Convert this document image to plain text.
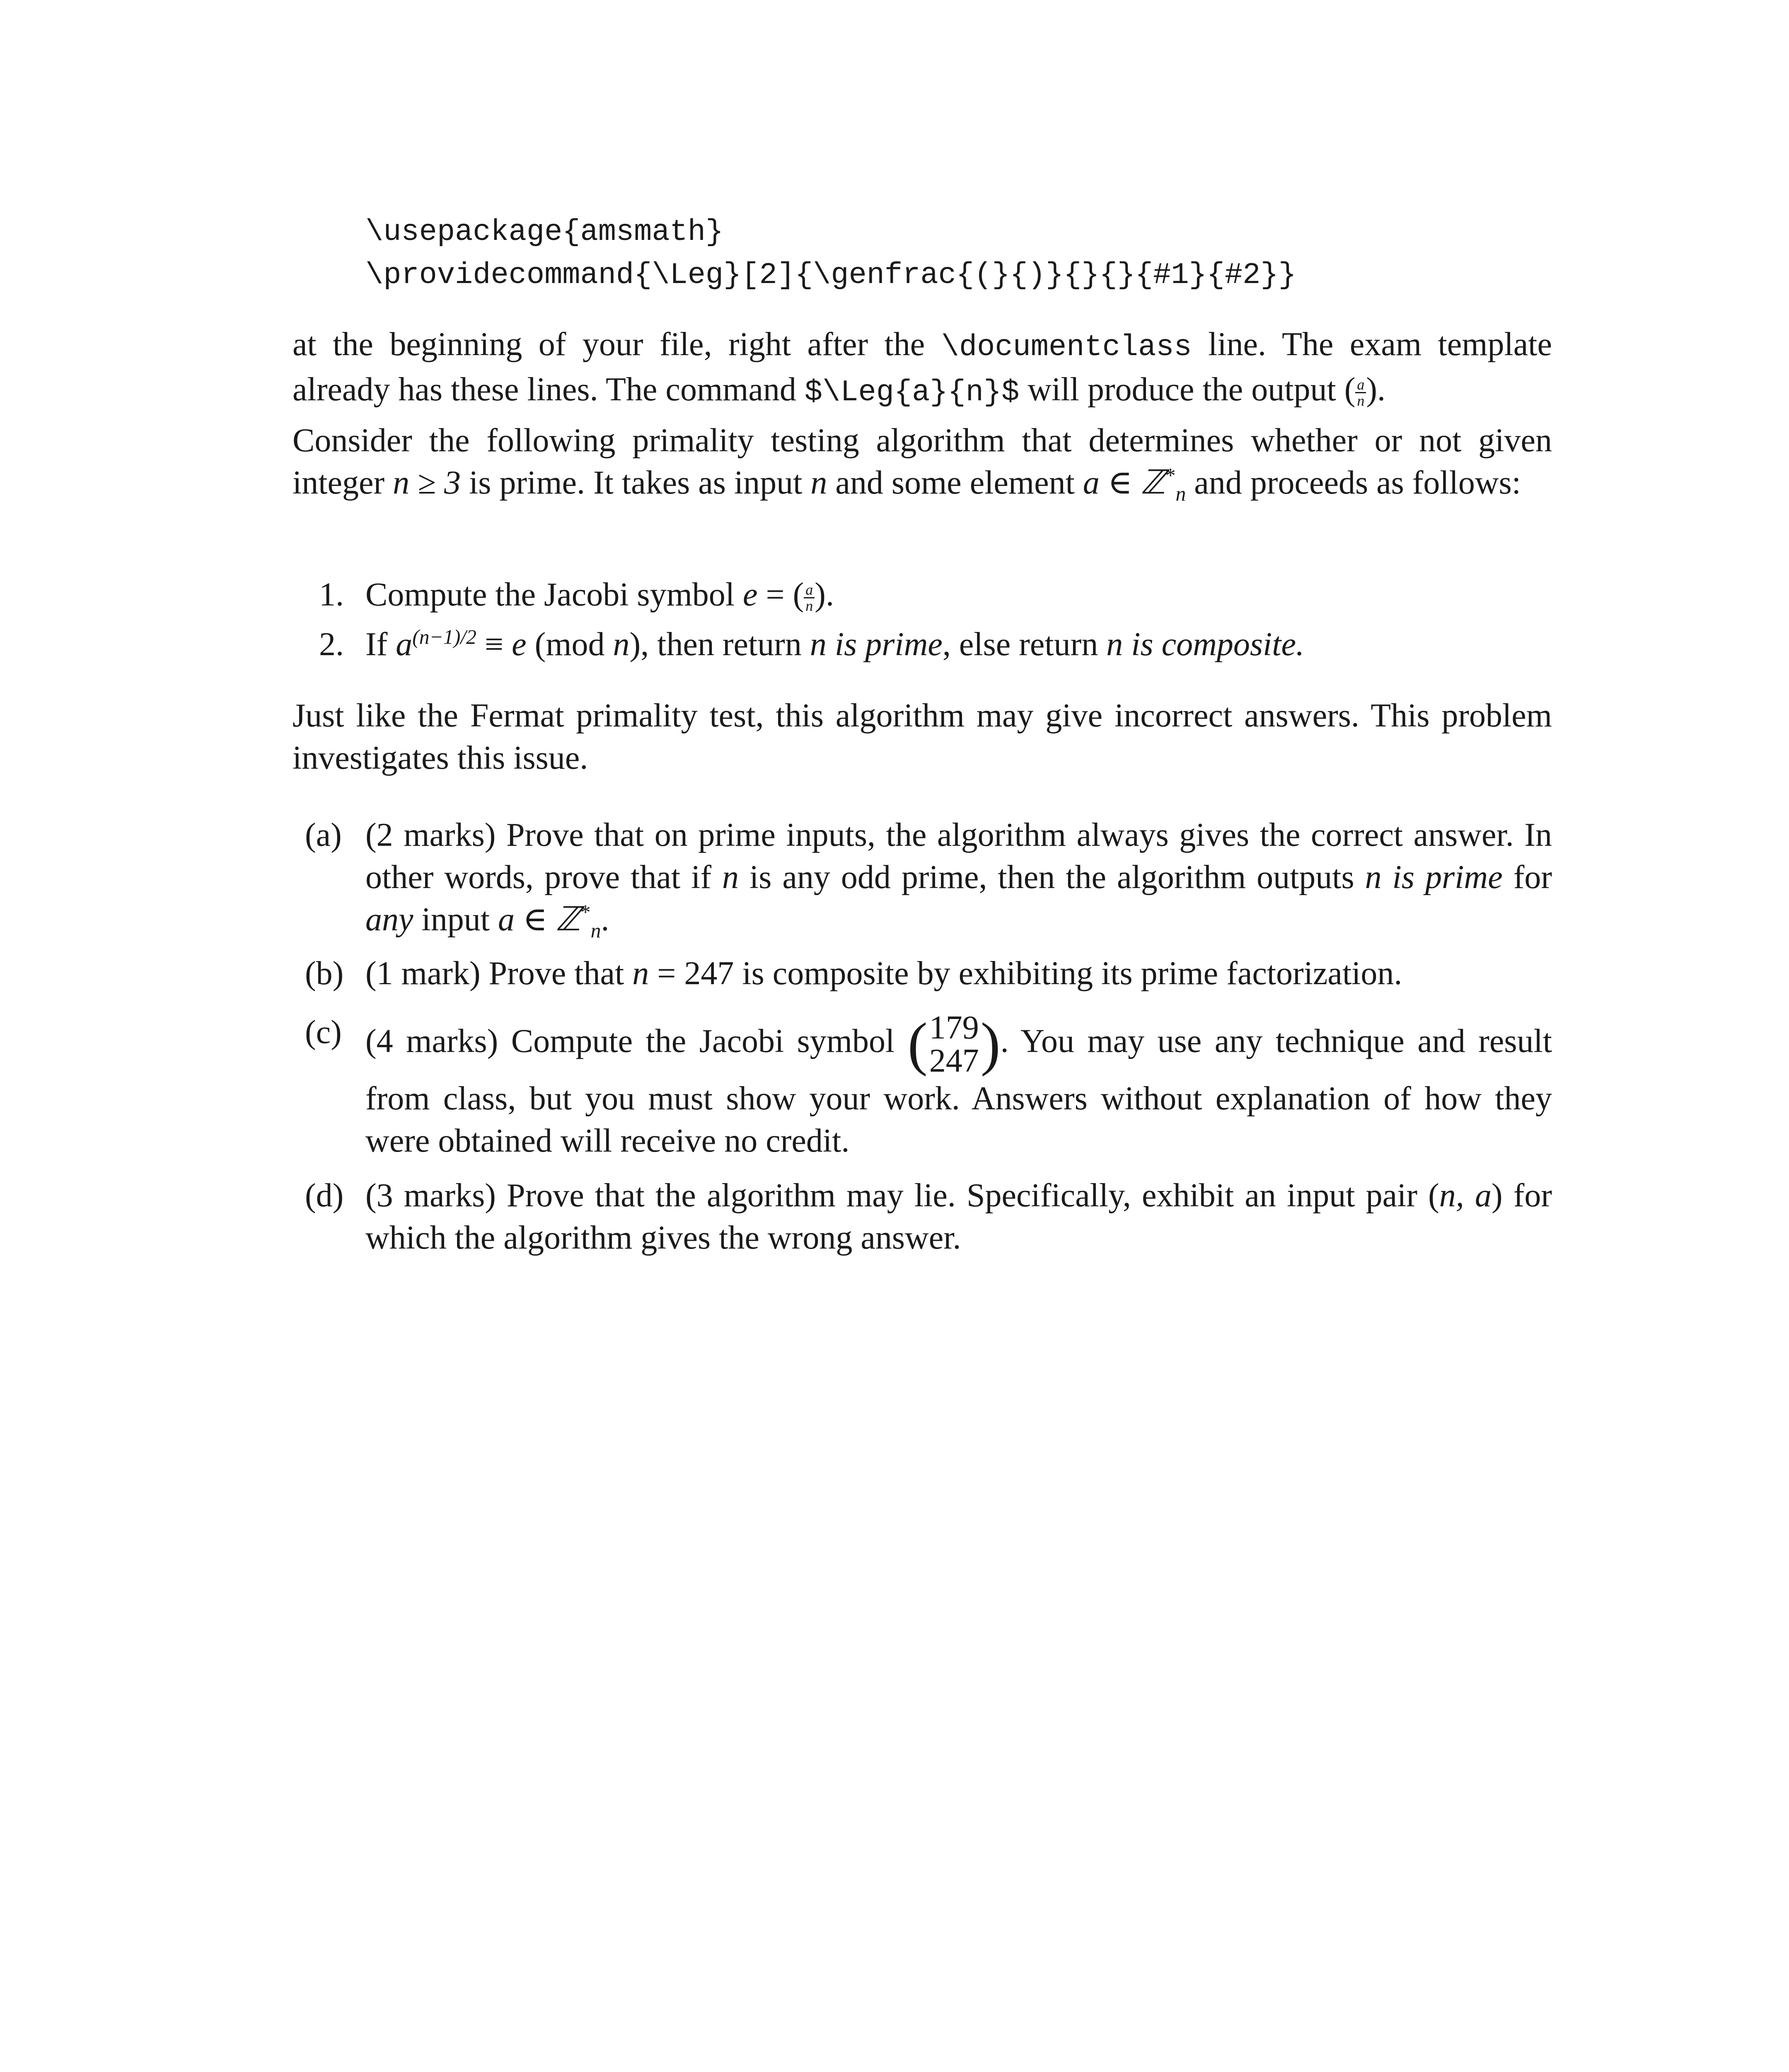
\usepackage{amsmath}
\providecommand{\Leg}[2]{\genfrac{(}{)}{}{}{#1}{#2}}
at the beginning of your file, right after the \documentclass line. The exam template already has these lines. The command $\Leg{a}{n}$ will produce the output ( $\frac{a}{n}$ ).
Consider the following primality testing algorithm that determines whether or not given integer n ≥ 3 is prime. It takes as input n and some element a ∈ ℤ*$_n$ and proceeds as follows:
1. Compute the Jacobi symbol e = ( $\frac{a}{n}$ ).
2. If $a^{(n-1)/2} \equiv e$ (mod n), then return n is prime, else return n is composite.
Just like the Fermat primality test, this algorithm may give incorrect answers. This problem investigates this issue.
(a) (2 marks) Prove that on prime inputs, the algorithm always gives the correct answer. In other words, prove that if n is any odd prime, then the algorithm outputs n is prime for any input a ∈ ℤ*$_n$.
(b) (1 mark) Prove that n = 247 is composite by exhibiting its prime factorization.
(c) (4 marks) Compute the Jacobi symbol ( 179
247 ). You may use any technique and result from class, but you must show your work. Answers without explanation of how they were obtained will receive no credit.
(d) (3 marks) Prove that the algorithm may lie. Specifically, exhibit an input pair (n, a) for which the algorithm gives the wrong answer.
